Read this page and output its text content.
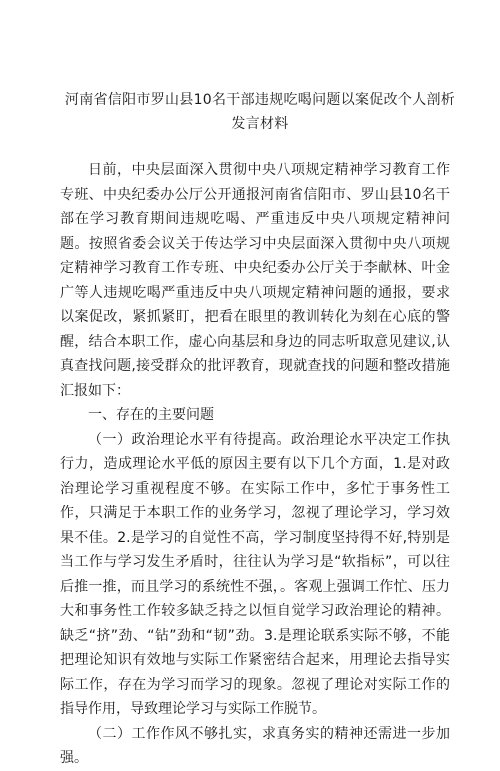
河南省信阳市罗山县10名干部违规吃喝问题以案促改个人剖析发言材料

日前，中央层面深入贯彻中央八项规定精神学习教育工作专班、中央纪委办公厅公开通报河南省信阳市、罗山县10名干部在学习教育期间违规吃喝、严重违反中央八项规定精神问题。按照省委会议关于传达学习中央层面深入贯彻中央八项规定精神学习教育工作专班、中央纪委办公厅关于李献林、叶金广等人违规吃喝严重违反中央八项规定精神问题的通报，要求以案促改，紧抓紧盯，把看在眼里的教训转化为刻在心底的警醒，结合本职工作，虚心向基层和身边的同志听取意见建议,认真查找问题,接受群众的批评教育，现就查找的问题和整改措施汇报如下：

一、存在的主要问题

（一）政治理论水平有待提高。政治理论水平决定工作执行力，造成理论水平低的原因主要有以下几个方面，1.是对政治理论学习重视程度不够。在实际工作中，多忙于事务性工作，只满足于本职工作的业务学习，忽视了理论学习，学习效果不佳。2.是学习的自觉性不高，学习制度坚持得不好,特别是当工作与学习发生矛盾时，往往认为学习是“软指标”，可以往后推一推，而且学习的系统性不强，。客观上强调工作忙、压力大和事务性工作较多缺乏持之以恒自觉学习政治理论的精神。缺乏“挤”劲、“钻”劲和“韧”劲。3.是理论联系实际不够，不能把理论知识有效地与实际工作紧密结合起来，用理论去指导实际工作，存在为学习而学习的现象。忽视了理论对实际工作的指导作用，导致理论学习与实际工作脱节。

（二）工作作风不够扎实，求真务实的精神还需进一步加强。
